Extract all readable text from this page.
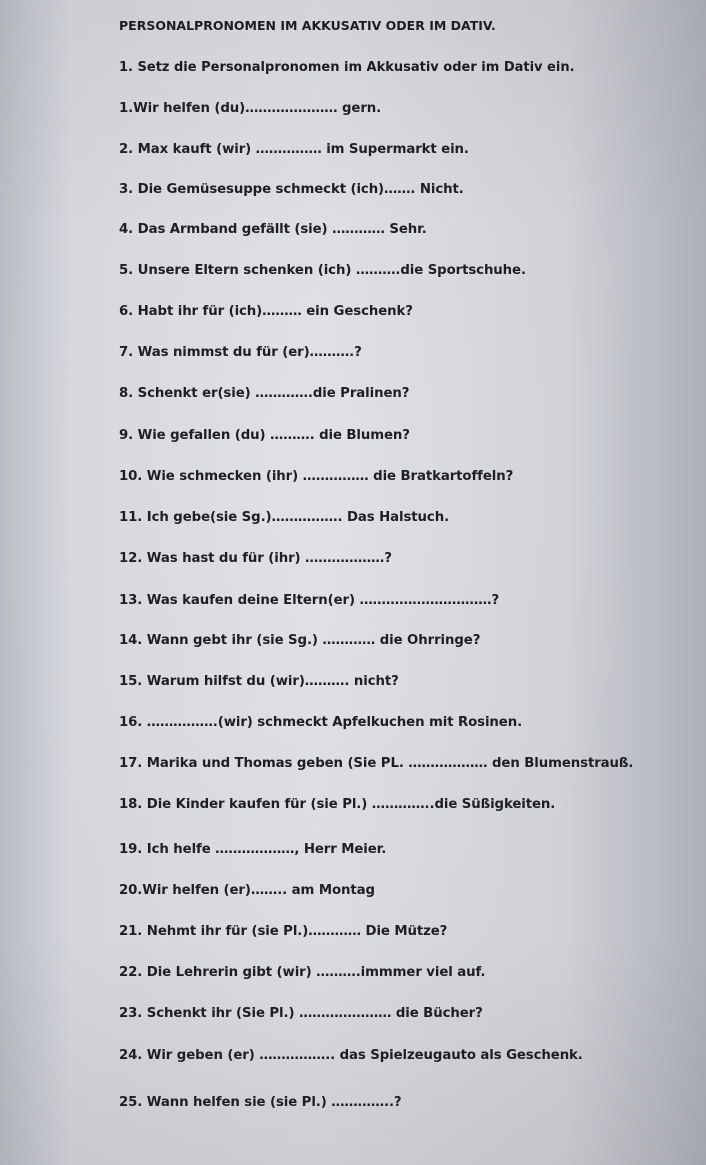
PERSONALPRONOMEN IM AKKUSATIV ODER IM DATIV.
1. Setz die Personalpronomen im Akkusativ oder im Dativ ein.
1.Wir helfen (du)………………… gern.
2. Max kauft (wir) …………… im Supermarkt ein.
3. Die Gemüsesuppe schmeckt (ich)……. Nicht.
4. Das Armband gefällt (sie) ………… Sehr.
5. Unsere Eltern schenken (ich) ……….die Sportschuhe.
6. Habt ihr für (ich)……… ein Geschenk?
7. Was nimmst du für (er)……….?
8. Schenkt er(sie) ………….die Pralinen?
9. Wie gefallen (du) ………. die Blumen?
10. Wie schmecken (ihr) …………… die Bratkartoffeln?
11. Ich gebe(sie Sg.)……………. Das Halstuch.
12. Was hast du für (ihr) ………………?
13. Was kaufen deine Eltern(er) …………………………?
14. Wann gebt ihr (sie Sg.) ………… die Ohrringe?
15. Warum hilfst du (wir)………. nicht?
16. …………….(wir) schmeckt Apfelkuchen mit Rosinen.
17. Marika und Thomas geben (Sie PL. ……………… den Blumenstrauß.
18. Die Kinder kaufen für (sie Pl.) …………..die Süßigkeiten.
19. Ich helfe ………………, Herr Meier.
20.Wir helfen (er)…….. am Montag
21. Nehmt ihr für (sie Pl.)………… Die Mütze?
22. Die Lehrerin gibt (wir) ……….immmer viel auf.
23. Schenkt ihr (Sie Pl.) ………………… die Bücher?
24. Wir geben (er) …………….. das Spielzeugauto als Geschenk.
25. Wann helfen sie (sie Pl.) …………..?
